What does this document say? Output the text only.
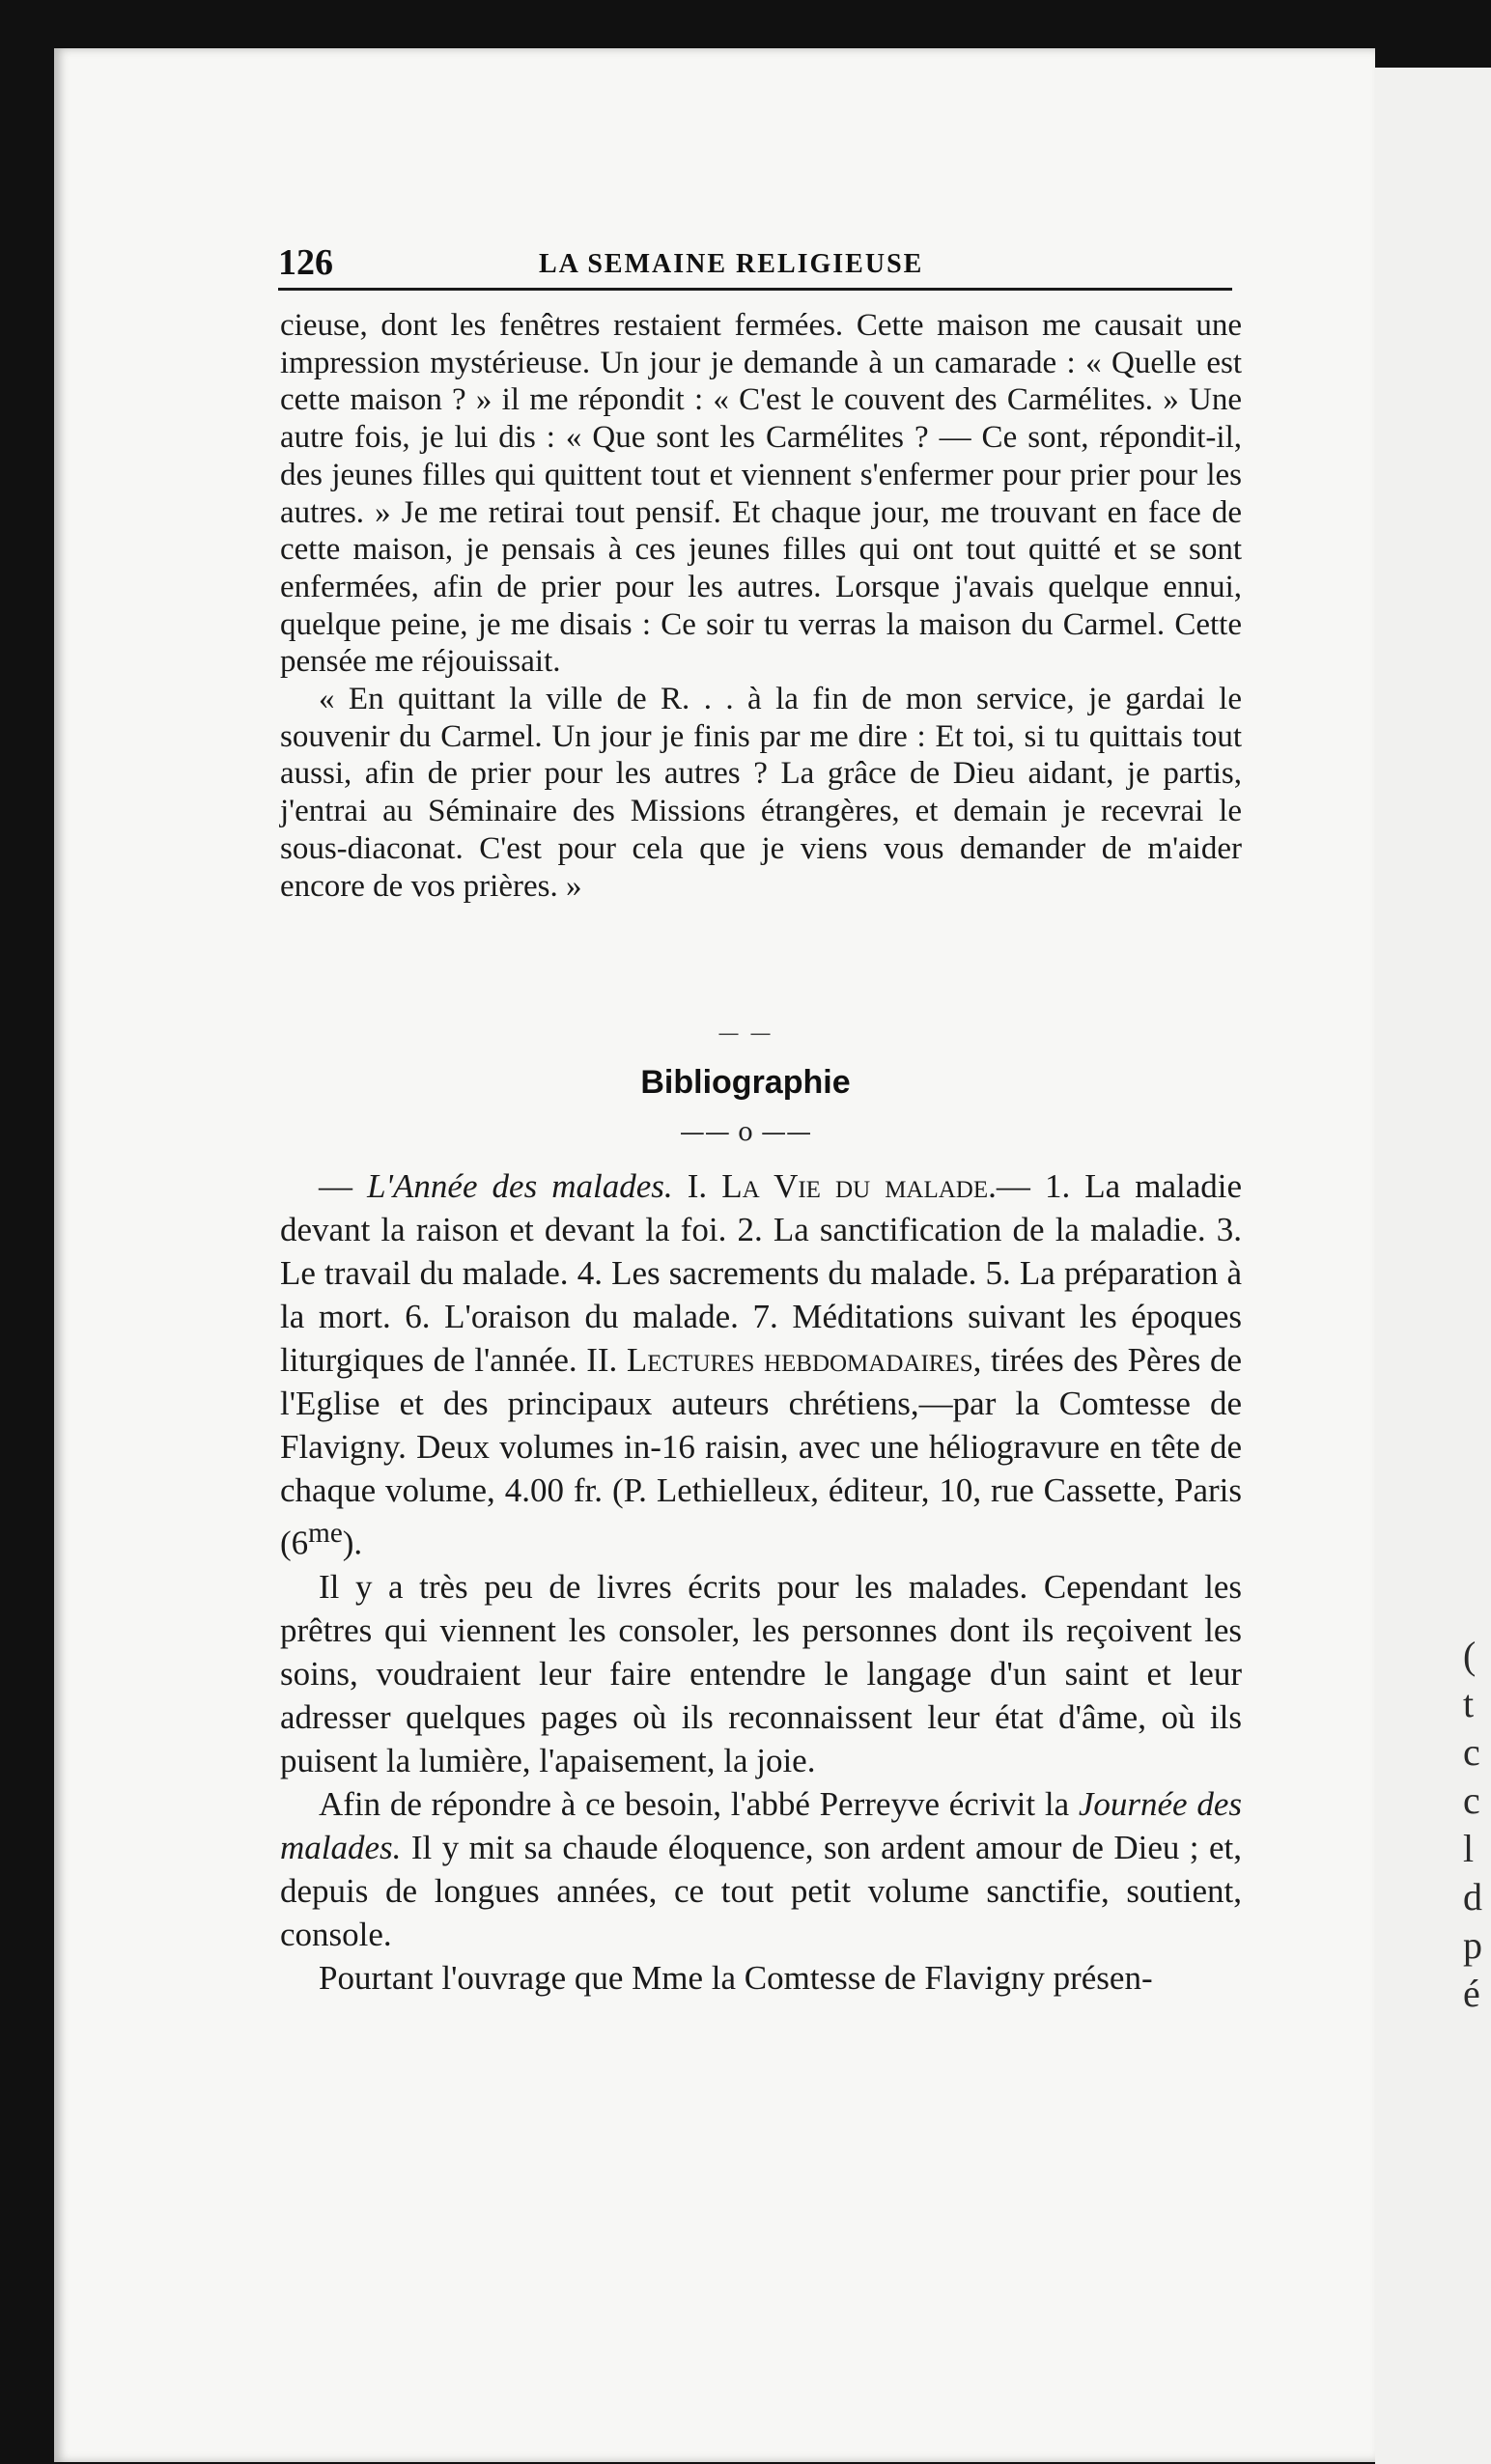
(
t
c
c
l
d
p
é
126	LA SEMAINE RELIGIEUSE

cieuse, dont les fenêtres restaient fermées. Cette maison me causait une impression mystérieuse. Un jour je demande à un camarade : « Quelle est cette maison ? » il me répondit : « C'est le couvent des Carmélites. » Une autre fois, je lui dis : « Que sont les Carmélites ? — Ce sont, répondit-il, des jeunes filles qui quittent tout et viennent s'enfermer pour prier pour les autres. » Je me retirai tout pensif. Et chaque jour, me trouvant en face de cette maison, je pensais à ces jeunes filles qui ont tout quitté et se sont enfermées, afin de prier pour les autres. Lorsque j'avais quelque ennui, quelque peine, je me disais : Ce soir tu verras la maison du Carmel. Cette pensée me réjouissait.

« En quittant la ville de R. . . à la fin de mon service, je gardai le souvenir du Carmel. Un jour je finis par me dire : Et toi, si tu quittais tout aussi, afin de prier pour les autres ? La grâce de Dieu aidant, je partis, j'entrai au Séminaire des Missions étrangères, et demain je recevrai le sous-diaconat. C'est pour cela que je viens vous demander de m'aider encore de vos prières. »

— —
Bibliographie
—— o ——

— L'Année des malades. I. La Vie du malade.— 1. La maladie devant la raison et devant la foi. 2. La sanctification de la maladie. 3. Le travail du malade. 4. Les sacrements du malade. 5. La préparation à la mort. 6. L'oraison du malade. 7. Méditations suivant les époques liturgiques de l'année. II. Lectures hebdomadaires, tirées des Pères de l'Eglise et des principaux auteurs chrétiens,—par la Comtesse de Flavigny. Deux volumes in-16 raisin, avec une héliogravure en tête de chaque volume, 4.00 fr. (P. Lethielleux, éditeur, 10, rue Cassette, Paris $(6^{me})$.

Il y a très peu de livres écrits pour les malades. Cependant les prêtres qui viennent les consoler, les personnes dont ils reçoivent les soins, voudraient leur faire entendre le langage d'un saint et leur adresser quelques pages où ils reconnaissent leur état d'âme, où ils puisent la lumière, l'apaisement, la joie.

Afin de répondre à ce besoin, l'abbé Perreyve écrivit la Journée des malades. Il y mit sa chaude éloquence, son ardent amour de Dieu ; et, depuis de longues années, ce tout petit volume sanctifie, soutient, console.

Pourtant l'ouvrage que Mme la Comtesse de Flavigny présen-
